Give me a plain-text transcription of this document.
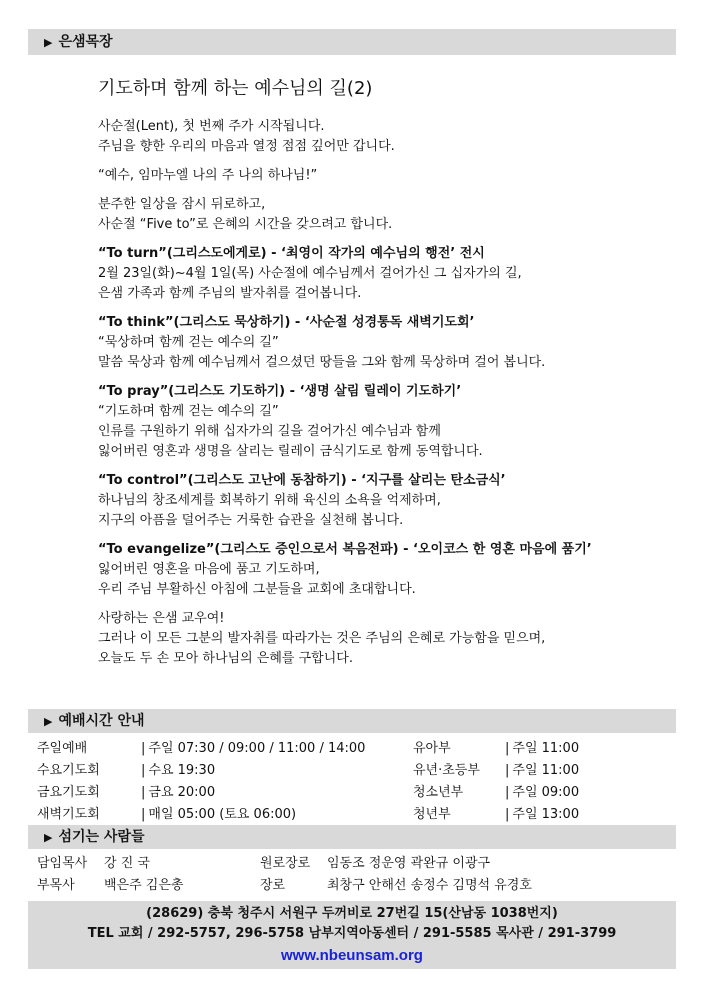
▶ 은샘목장
기도하며 함께 하는 예수님의 길(2)
사순절(Lent), 첫 번째 주가 시작됩니다.
주님을 향한 우리의 마음과 열정 점점 깊어만 갑니다.
“예수, 임마누엘 나의 주 나의 하나님!”
분주한 일상을 잠시 뒤로하고,
사순절 “Five to”로 은혜의 시간을 갖으려고 합니다.
“To turn”(그리스도에게로) - ‘최영이 작가의 예수님의 행전’ 전시
2월 23일(화)~4월 1일(목) 사순절에 예수님께서 걸어가신 그 십자가의 길,
은샘 가족과 함께 주님의 발자취를 걸어봅니다.
“To think”(그리스도 묵상하기) - ‘사순절 성경통독 새벽기도회’
“묵상하며 함께 걷는 예수의 길”
말씀 묵상과 함께 예수님께서 걸으셨던 땅들을 그와 함께 묵상하며 걸어 봅니다.
“To pray”(그리스도 기도하기) - ‘생명 살림 릴레이 기도하기’
“기도하며 함께 걷는 예수의 길”
인류를 구원하기 위해 십자가의 길을 걸어가신 예수님과 함께
잃어버린 영혼과 생명을 살리는 릴레이 금식기도로 함께 동역합니다.
“To control”(그리스도 고난에 동참하기) - ‘지구를 살리는 탄소금식’
하나님의 창조세계를 회복하기 위해 육신의 소욕을 억제하며,
지구의 아픔을 덜어주는 거룩한 습관을 실천해 봅니다.
“To evangelize”(그리스도 증인으로서 복음전파) - ‘오이코스 한 영혼 마음에 품기’
잃어버린 영혼을 마음에 품고 기도하며,
우리 주님 부활하신 아침에 그분들을 교회에 초대합니다.
사랑하는 은샘 교우여!
그러나 이 모든 그분의 발자취를 따라가는 것은 주님의 은혜로 가능함을 믿으며,
오늘도 두 손 모아 하나님의 은혜를 구합니다.
▶ 예배시간 안내
주일예배	| 주일 07:30 / 09:00 / 11:00 / 14:00	유아부	| 주일 11:00
수요기도회	| 수요 19:30	유년·초등부 | 주일 11:00
금요기도회	| 금요 20:00	청소년부	| 주일 09:00
새벽기도회	| 매일 05:00 (토요 06:00)	청년부	| 주일 13:00
▶ 섬기는 사람들
담임목사	강 진 국	원로장로	임동조 정운영 곽완규 이광구
부목사	백은주 김은총	장로	최창구 안해선 송정수 김명석 유경호
(28629) 충북 청주시 서원구 두꺼비로 27번길 15(산남동 1038번지)
TEL 교회 / 292-5757, 296-5758 남부지역아동센터 / 291-5585 목사관 / 291-3799
www.nbeunsam.org
